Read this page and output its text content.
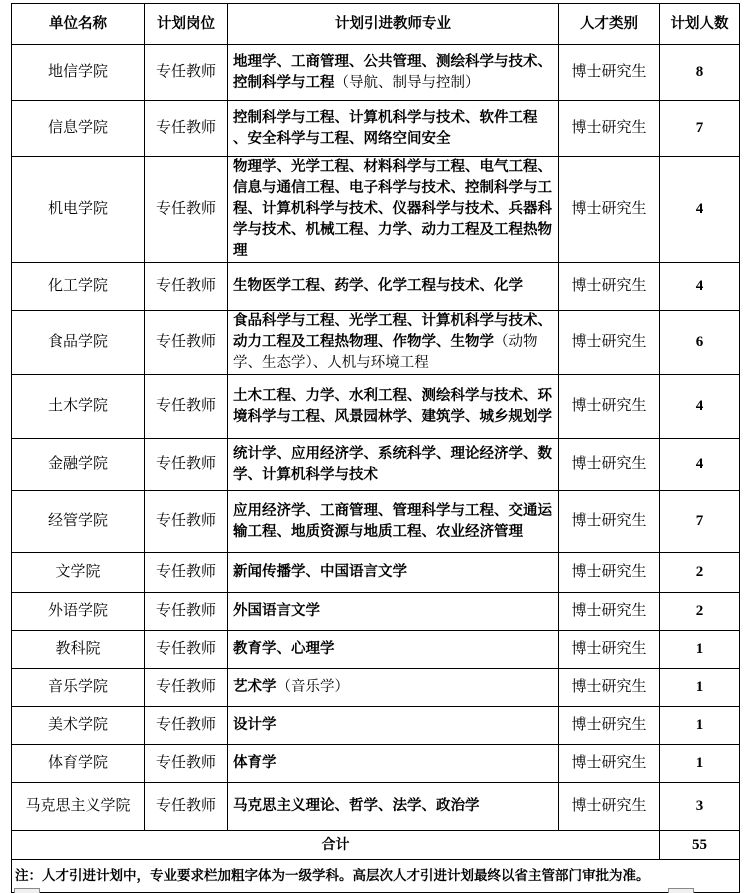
单位名称	计划岗位	计划引进教师专业	人才类别	计划人数
地信学院	专任教师	地理学、工商管理、公共管理、测绘科学与技术、控制科学与工程（导航、制导与控制）	博士研究生	8
信息学院	专任教师	控制科学与工程、计算机科学与技术、软件工程 、安全科学与工程、网络空间安全	博士研究生	7
机电学院	专任教师	物理学、光学工程、材料科学与工程、电气工程、信息与通信工程、电子科学与技术、控制科学与工程、计算机科学与技术、仪器科学与技术、兵器科学与技术、机械工程、力学、动力工程及工程热物理	博士研究生	4
化工学院	专任教师	生物医学工程、药学、化学工程与技术、化学	博士研究生	4
食品学院	专任教师	食品科学与工程、光学工程、计算机科学与技术、动力工程及工程热物理、作物学、生物学（动物学、生态学）、人机与环境工程	博士研究生	6
土木学院	专任教师	土木工程、力学、水利工程、测绘科学与技术、环境科学与工程、风景园林学、建筑学、城乡规划学	博士研究生	4
金融学院	专任教师	统计学、应用经济学、系统科学、理论经济学、数学、计算机科学与技术	博士研究生	4
经管学院	专任教师	应用经济学、工商管理、管理科学与工程、交通运输工程、地质资源与地质工程、农业经济管理	博士研究生	7
文学院	专任教师	新闻传播学、中国语言文学	博士研究生	2
外语学院	专任教师	外国语言文学	博士研究生	2
教科院	专任教师	教育学、心理学	博士研究生	1
音乐学院	专任教师	艺术学（音乐学）	博士研究生	1
美术学院	专任教师	设计学	博士研究生	1
体育学院	专任教师	体育学	博士研究生	1
马克思主义学院	专任教师	马克思主义理论、哲学、法学、政治学	博士研究生	3
合计				55
注：人才引进计划中，专业要求栏加粗字体为一级学科。高层次人才引进计划最终以省主管部门审批为准。				
